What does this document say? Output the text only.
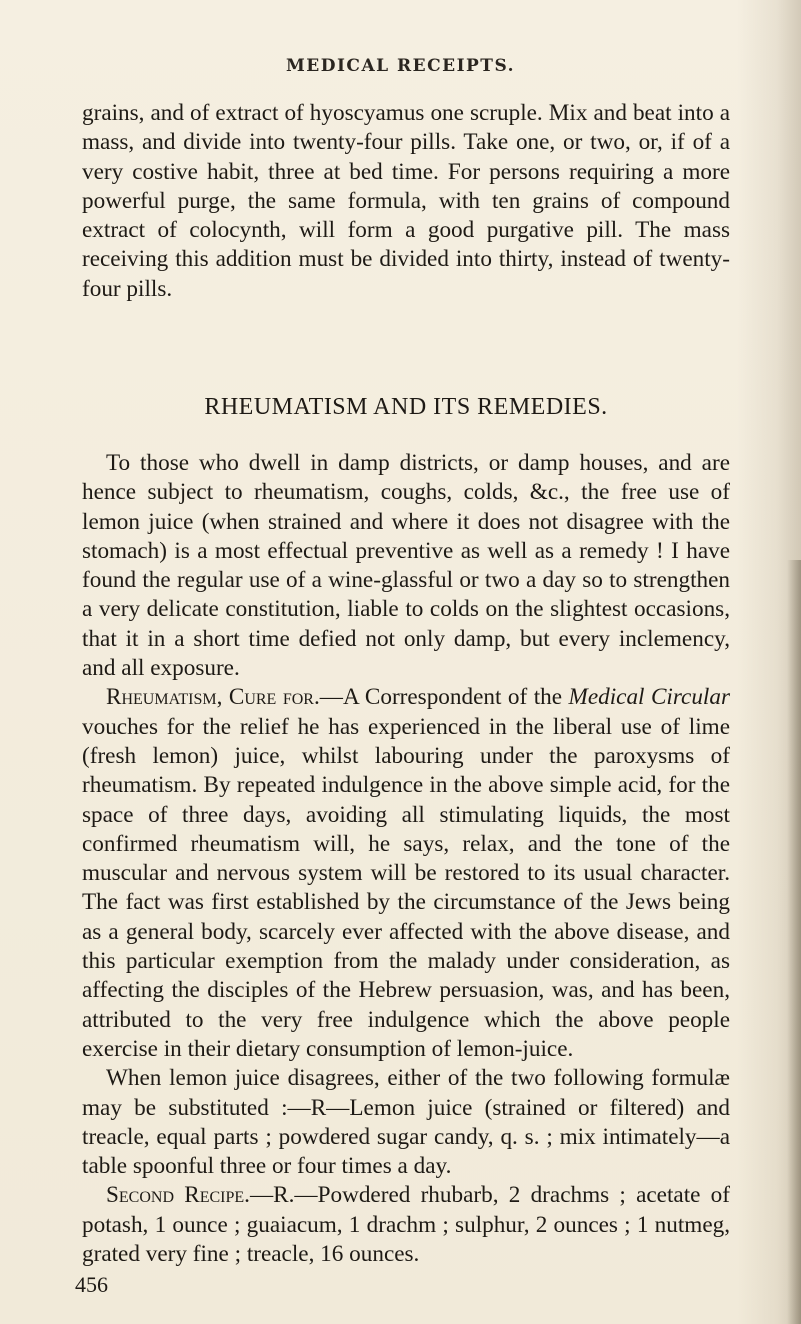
MEDICAL RECEIPTS.

grains, and of extract of hyoscyamus one scruple. Mix and beat into a mass, and divide into twenty-four pills. Take one, or two, or, if of a very costive habit, three at bed time. For persons requiring a more powerful purge, the same formula, with ten grains of compound extract of colocynth, will form a good purgative pill. The mass receiving this addition must be divided into thirty, instead of twenty-four pills.

RHEUMATISM AND ITS REMEDIES.

To those who dwell in damp districts, or damp houses, and are hence subject to rheumatism, coughs, colds, &c., the free use of lemon juice (when strained and where it does not disagree with the stomach) is a most effectual preventive as well as a remedy ! I have found the regular use of a wine-glassful or two a day so to strengthen a very delicate constitution, liable to colds on the slightest occasions, that it in a short time defied not only damp, but every inclemency, and all exposure.

Rheumatism, Cure for.—A Correspondent of the Medical Circular vouches for the relief he has experienced in the liberal use of lime (fresh lemon) juice, whilst labouring under the paroxysms of rheumatism. By repeated indulgence in the above simple acid, for the space of three days, avoiding all stimulating liquids, the most confirmed rheumatism will, he says, relax, and the tone of the muscular and nervous system will be restored to its usual character. The fact was first established by the circumstance of the Jews being as a general body, scarcely ever affected with the above disease, and this particular exemption from the malady under consideration, as affecting the disciples of the Hebrew persuasion, was, and has been, attributed to the very free indulgence which the above people exercise in their dietary consumption of lemon-juice.

When lemon juice disagrees, either of the two following formulæ may be substituted :—R—Lemon juice (strained or filtered) and treacle, equal parts ; powdered sugar candy, q. s. ; mix intimately—a table spoonful three or four times a day.

Second Recipe.—R.—Powdered rhubarb, 2 drachms ; acetate of potash, 1 ounce ; guaiacum, 1 drachm ; sulphur, 2 ounces ; 1 nutmeg, grated very fine ; treacle, 16 ounces.

456
